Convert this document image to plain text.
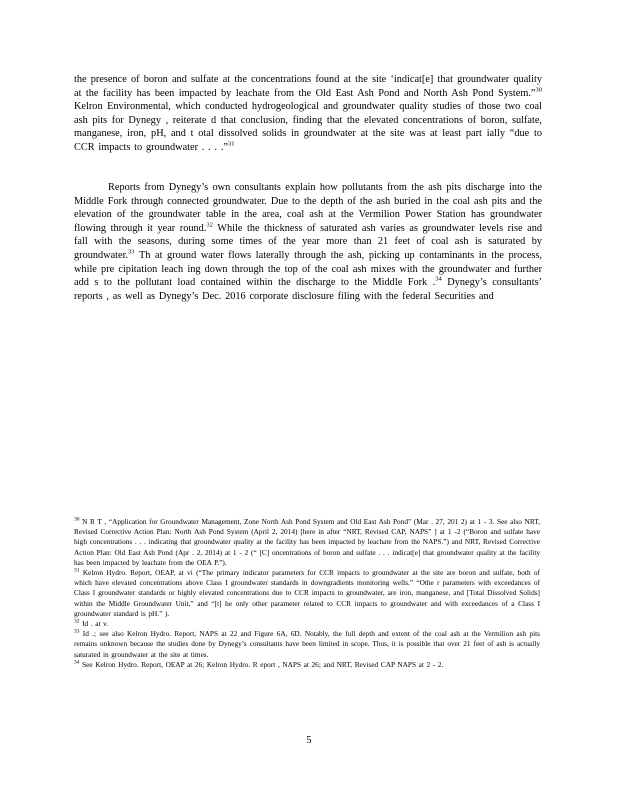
the presence of boron and sulfate at the concentrations found at the site ‘indicat[e] that groundwater quality at the facility has been impacted by leachate from the Old East Ash Pond and North Ash Pond System.”$^{30}$ Kelron Environmental, which conducted hydrogeological and groundwater quality studies of those two coal ash pits for Dynegy , reiterate d that conclusion, finding that the elevated concentrations of boron, sulfate, manganese, iron, pH, and t otal dissolved solids in groundwater at the site was at least part ially “due to CCR impacts to groundwater . . . .”$^{31}$

Reports from Dynegy’s own consultants explain how pollutants from the ash pits discharge into the Middle Fork through connected groundwater. Due to the depth of the ash buried in the coal ash pits and the elevation of the groundwater table in the area, coal ash at the Vermilion Power Station has groundwater flowing through it year round.$^{32}$ While the thickness of saturated ash varies as groundwater levels rise and fall with the seasons, during some times of the year more than 21 feet of coal ash is saturated by groundwater.$^{33}$ Th at ground water flows laterally through the ash, picking up contaminants in the process, while pre cipitation leach ing down through the top of the coal ash mixes with the groundwater and further add s to the pollutant load contained within the discharge to the Middle Fork .$^{34}$ Dynegy’s consultants’ reports , as well as Dynegy’s Dec. 2016 corporate disclosure filing with the federal Securities and

$^{30}$ N R T , “Application for Groundwater Management, Zone North Ash Pond System and Old East Ash Pond” (Mar . 27, 201 2) at 1 - 3. See also NRT, Revised Corrective Action Plan: North Ash Pond System (April 2, 2014) [here in after “NRT, Revised CAP, NAPS” ] at 1 -2 (“Boron and sulfate have high concentrations . . . indicating that groundwater quality at the facility has been impacted by leachate from the NAPS.”) and NRT, Revised Corrective Action Plan: Old East Ash Pond (Apr . 2, 2014) at 1 - 2 (“ [C] oncentrations of boron and sulfate . . . indicat[e] that groundwater quality at the facility has been impacted by leachate from the OEA P.”).

$^{31}$ Kelron Hydro. Report, OEAP, at vi (“The primary indicator parameters for CCR impacts to groundwater at the site are boron and sulfate, both of which have elevated concentrations above Class I groundwater standards in downgradients monitoring wells.” “Othe r parameters with exceedances of Class I groundwater standards or highly elevated concentrations due to CCR impacts to groundwater, are iron, manganese, and [Total Dissolved Solids] within the Middle Groundwater Unit,” and “[t] he only other parameter related to CCR impacts to groundwater and with exceedances of a Class I groundwater standard is pH.” ).

$^{32}$ Id . at v.

$^{33}$ Id .; see also Kelron Hydro. Report, NAPS at 22 and Figure 6A, 6D. Notably, the full depth and extent of the coal ash at the Vermilion ash pits remains unknown because the studies done by Dynegy’s consultants have been limited in scope. Thus, it is possible that over 21 feet of ash is actually saturated in groundwater at the site at times.

$^{34}$ See Kelron Hydro. Report, OEAP at 26; Kelron Hydro. R eport , NAPS at 26; and NRT, Revised CAP NAPS at 2 - 2.

5
